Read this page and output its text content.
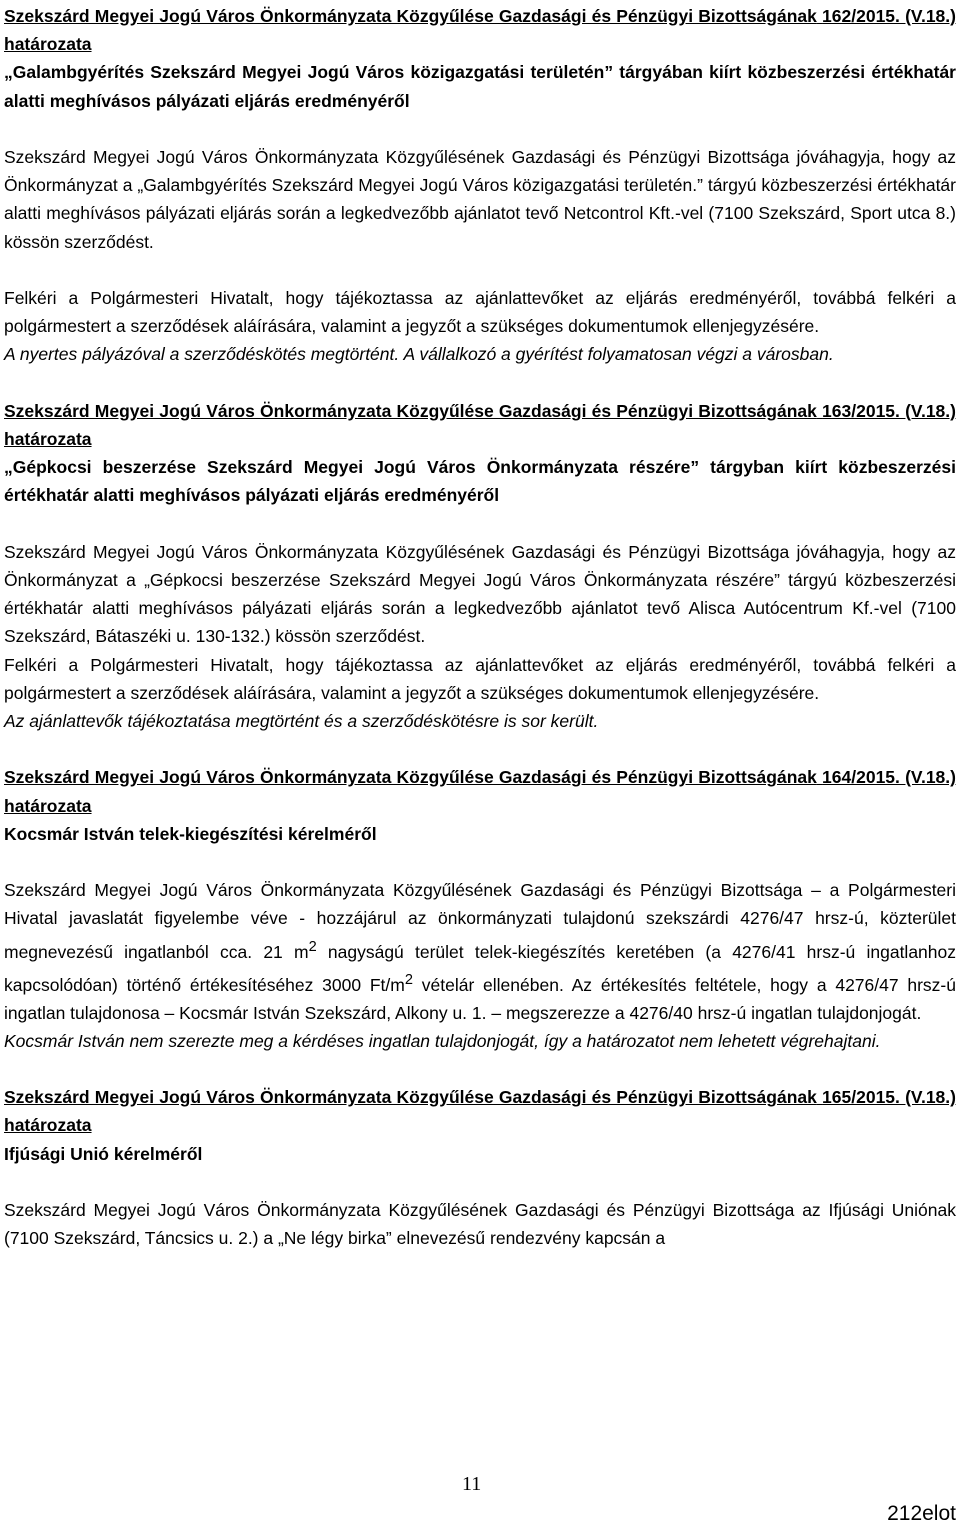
Szekszárd Megyei Jogú Város Önkormányzata Közgyűlése Gazdasági és Pénzügyi Bizottságának 162/2015. (V.18.) határozata

„Galambgyérítés Szekszárd Megyei Jogú Város közigazgatási területén” tárgyában kiírt közbeszerzési értékhatár alatti meghívásos pályázati eljárás eredményéről

Szekszárd Megyei Jogú Város Önkormányzata Közgyűlésének Gazdasági és Pénzügyi Bizottsága jóváhagyja, hogy az Önkormányzat a „Galambgyérítés Szekszárd Megyei Jogú Város közigazgatási területén.” tárgyú közbeszerzési értékhatár alatti meghívásos pályázati eljárás során a legkedvezőbb ajánlatot tevő Netcontrol Kft.-vel (7100 Szekszárd, Sport utca 8.) kössön szerződést.

Felkéri a Polgármesteri Hivatalt, hogy tájékoztassa az ajánlattevőket az eljárás eredményéről, továbbá felkéri a polgármestert a szerződések aláírására, valamint a jegyzőt a szükséges dokumentumok ellenjegyzésére.

A nyertes pályázóval a szerződéskötés megtörtént. A vállalkozó a gyérítést folyamatosan végzi a városban.

Szekszárd Megyei Jogú Város Önkormányzata Közgyűlése Gazdasági és Pénzügyi Bizottságának 163/2015. (V.18.) határozata

„Gépkocsi beszerzése Szekszárd Megyei Jogú Város Önkormányzata részére” tárgyban kiírt közbeszerzési értékhatár alatti meghívásos pályázati eljárás eredményéről

Szekszárd Megyei Jogú Város Önkormányzata Közgyűlésének Gazdasági és Pénzügyi Bizottsága jóváhagyja, hogy az Önkormányzat a „Gépkocsi beszerzése Szekszárd Megyei Jogú Város Önkormányzata részére” tárgyú közbeszerzési értékhatár alatti meghívásos pályázati eljárás során a legkedvezőbb ajánlatot tevő Alisca Autócentrum Kf.-vel (7100 Szekszárd, Bátaszéki u. 130-132.) kössön szerződést.

Felkéri a Polgármesteri Hivatalt, hogy tájékoztassa az ajánlattevőket az eljárás eredményéről, továbbá felkéri a polgármestert a szerződések aláírására, valamint a jegyzőt a szükséges dokumentumok ellenjegyzésére.

Az ajánlattevők tájékoztatása megtörtént és a szerződéskötésre is sor került.

Szekszárd Megyei Jogú Város Önkormányzata Közgyűlése Gazdasági és Pénzügyi Bizottságának 164/2015. (V.18.) határozata

Kocsmár István telek-kiegészítési kérelméről

Szekszárd Megyei Jogú Város Önkormányzata Közgyűlésének Gazdasági és Pénzügyi Bizottsága – a Polgármesteri Hivatal javaslatát figyelembe véve - hozzájárul az önkormányzati tulajdonú szekszárdi 4276/47 hrsz-ú, közterület megnevezésű ingatlanból cca. 21 $m^2$ nagyságú terület telek-kiegészítés keretében (a 4276/41 hrsz-ú ingatlanhoz kapcsolódóan) történő értékesítéséhez 3000 $Ft/m^2$ vételár ellenében. Az értékesítés feltétele, hogy a 4276/47 hrsz-ú ingatlan tulajdonosa – Kocsmár István Szekszárd, Alkony u. 1. – megszerezze a 4276/40 hrsz-ú ingatlan tulajdonjogát.

Kocsmár István nem szerezte meg a kérdéses ingatlan tulajdonjogát, így a határozatot nem lehetett végrehajtani.

Szekszárd Megyei Jogú Város Önkormányzata Közgyűlése Gazdasági és Pénzügyi Bizottságának 165/2015. (V.18.) határozata

Ifjúsági Unió kérelméről

Szekszárd Megyei Jogú Város Önkormányzata Közgyűlésének Gazdasági és Pénzügyi Bizottsága az Ifjúsági Uniónak (7100 Szekszárd, Táncsics u. 2.) a „Ne légy birka” elnevezésű rendezvény kapcsán a

11
212elot
